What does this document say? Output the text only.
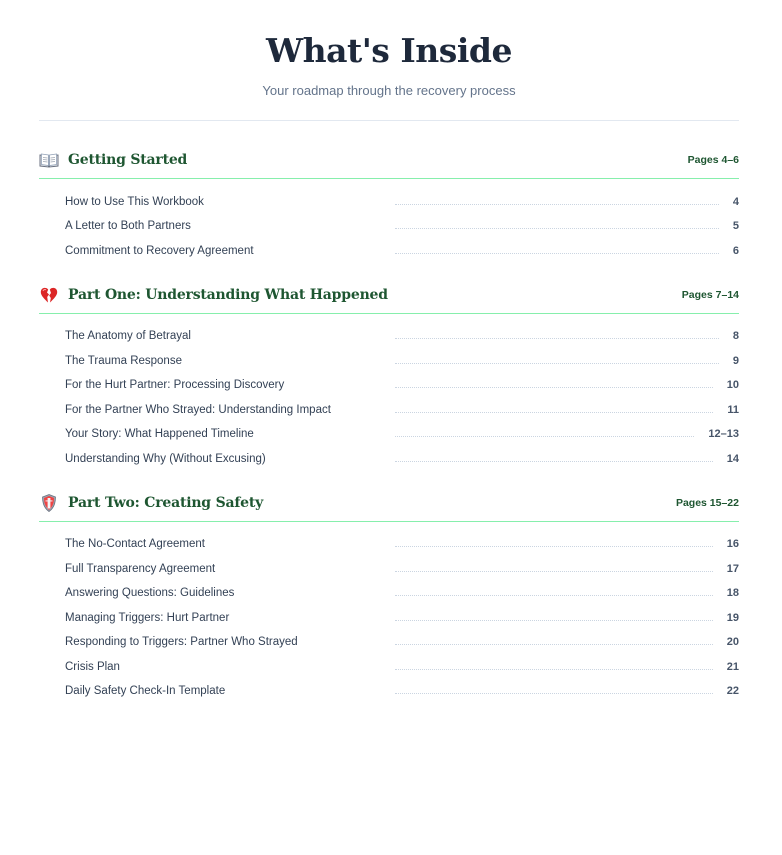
What's Inside
Your roadmap through the recovery process
Getting Started	Pages 4–6
How to Use This Workbook	4
A Letter to Both Partners	5
Commitment to Recovery Agreement	6
Part One: Understanding What Happened	Pages 7–14
The Anatomy of Betrayal	8
The Trauma Response	9
For the Hurt Partner: Processing Discovery	10
For the Partner Who Strayed: Understanding Impact	11
Your Story: What Happened Timeline	12–13
Understanding Why (Without Excusing)	14
Part Two: Creating Safety	Pages 15–22
The No-Contact Agreement	16
Full Transparency Agreement	17
Answering Questions: Guidelines	18
Managing Triggers: Hurt Partner	19
Responding to Triggers: Partner Who Strayed	20
Crisis Plan	21
Daily Safety Check-In Template	22
